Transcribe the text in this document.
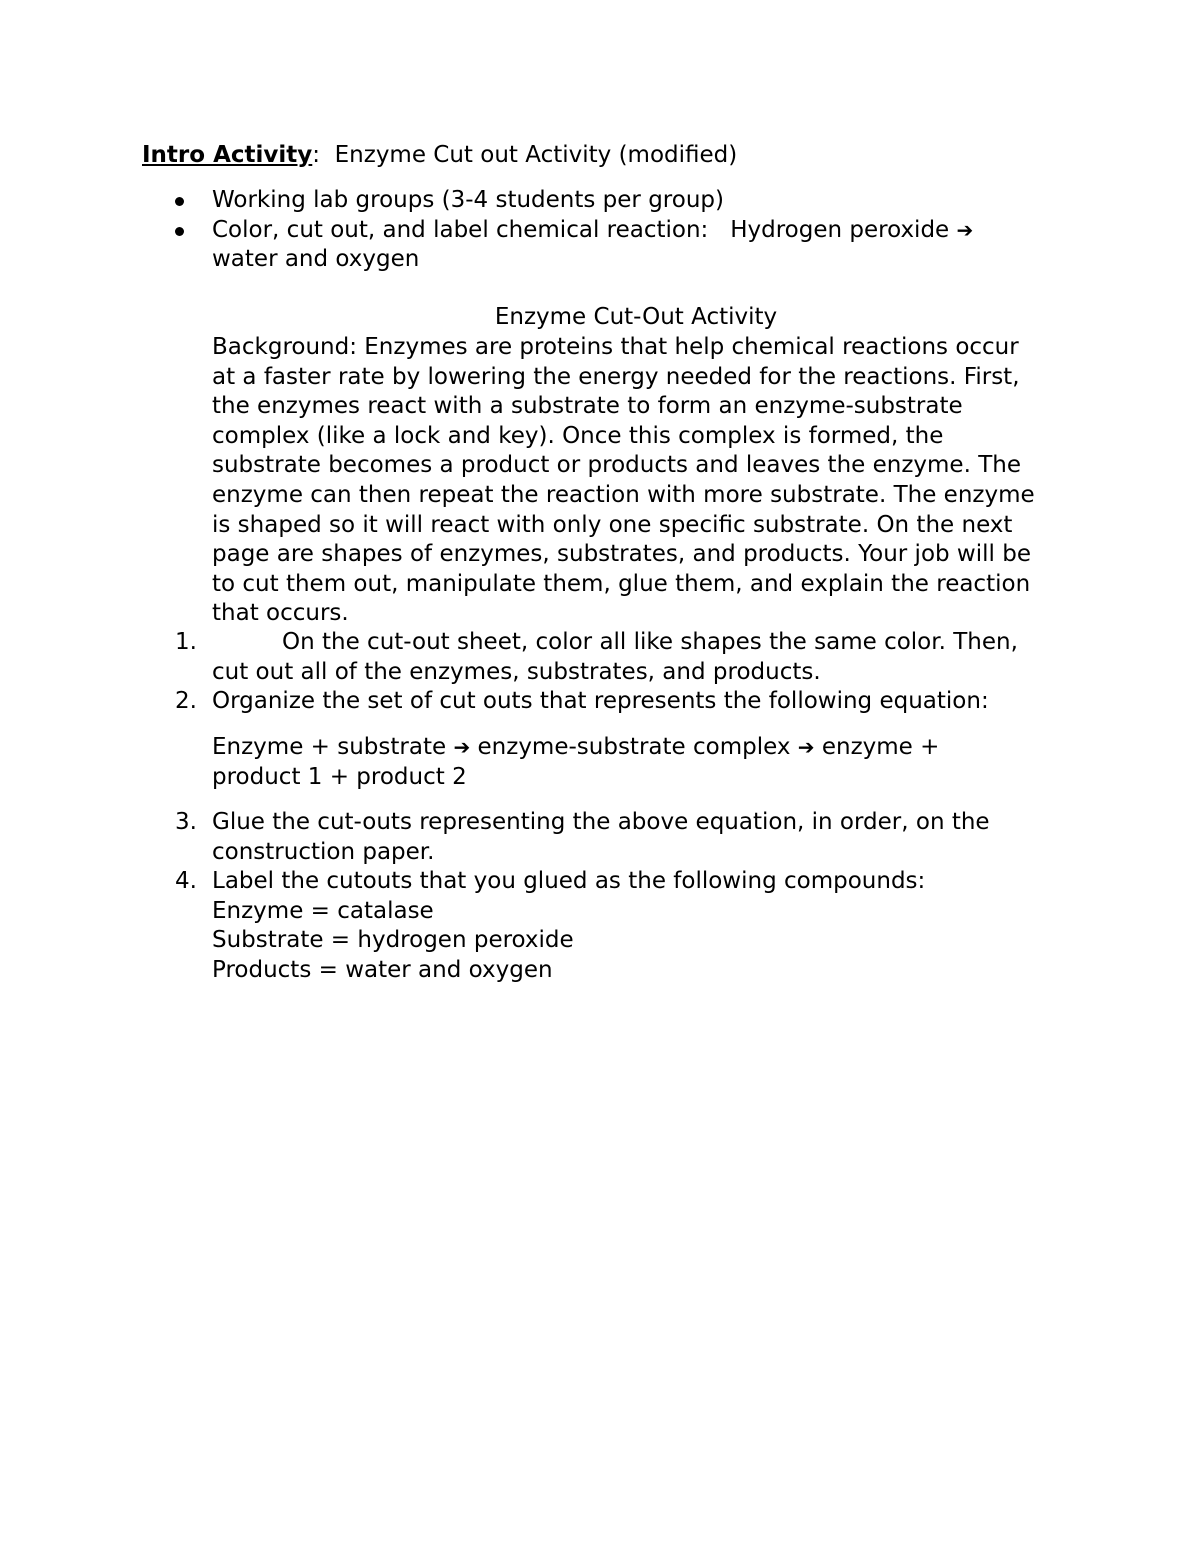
Intro Activity:  Enzyme Cut out Activity (modified)
Working lab groups (3-4 students per group)
Color, cut out, and label chemical reaction:   Hydrogen peroxide ➔
water and oxygen
Enzyme Cut-Out Activity
Background: Enzymes are proteins that help chemical reactions occur
at a faster rate by lowering the energy needed for the reactions. First,
the enzymes react with a substrate to form an enzyme-substrate
complex (like a lock and key). Once this complex is formed, the
substrate becomes a product or products and leaves the enzyme. The
enzyme can then repeat the reaction with more substrate. The enzyme
is shaped so it will react with only one specific substrate. On the next
page are shapes of enzymes, substrates, and products. Your job will be
to cut them out, manipulate them, glue them, and explain the reaction
that occurs.
1.	On the cut-out sheet, color all like shapes the same color. Then,
cut out all of the enzymes, substrates, and products.
2. Organize the set of cut outs that represents the following equation:
Enzyme + substrate ➔ enzyme-substrate complex ➔ enzyme +
product 1 + product 2
3. Glue the cut-outs representing the above equation, in order, on the
construction paper.
4. Label the cutouts that you glued as the following compounds:
Enzyme = catalase
Substrate = hydrogen peroxide
Products = water and oxygen
